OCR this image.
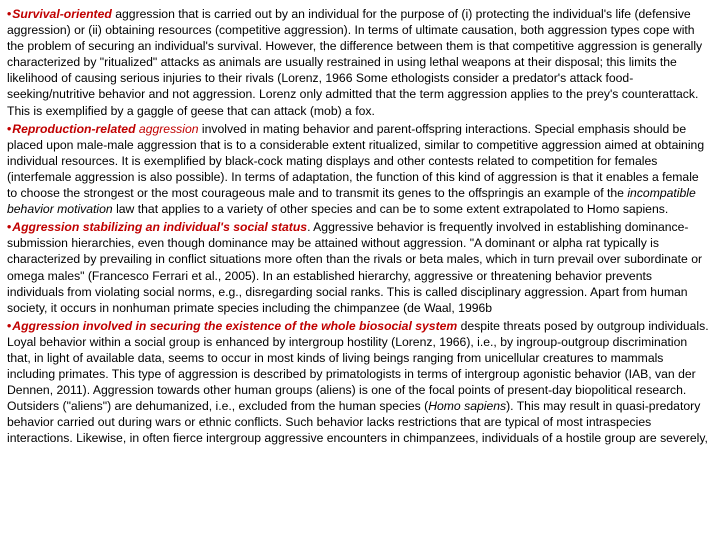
•Survival-oriented aggression that is carried out by an individual for the purpose of (i) protecting the individual's life (defensive aggression) or (ii) obtaining resources (competitive aggression). In terms of ultimate causation, both aggression types cope with the problem of securing an individual's survival. However, the difference between them is that competitive aggression is generally characterized by "ritualized" attacks as animals are usually restrained in using lethal weapons at their disposal; this limits the likelihood of causing serious injuries to their rivals (Lorenz, 1966 Some ethologists consider a predator's attack food-seeking/nutritive behavior and not aggression. Lorenz only admitted that the term aggression applies to the prey's counterattack. This is exemplified by a gaggle of geese that can attack (mob) a fox.

•Reproduction-related aggression involved in mating behavior and parent-offspring interactions. Special emphasis should be placed upon male-male aggression that is to a considerable extent ritualized, similar to competitive aggression aimed at obtaining individual resources. It is exemplified by black-cock mating displays and other contests related to competition for females (interfemale aggression is also possible). In terms of adaptation, the function of this kind of aggression is that it enables a female to choose the strongest or the most courageous male and to transmit its genes to the offspringis an example of the incompatible behavior motivation law that applies to a variety of other species and can be to some extent extrapolated to Homo sapiens.

•Aggression stabilizing an individual's social status. Aggressive behavior is frequently involved in establishing dominance-submission hierarchies, even though dominance may be attained without aggression. "A dominant or alpha rat typically is characterized by prevailing in conflict situations more often than the rivals or beta males, which in turn prevail over subordinate or omega males" (Francesco Ferrari et al., 2005). In an established hierarchy, aggressive or threatening behavior prevents individuals from violating social norms, e.g., disregarding social ranks. This is called disciplinary aggression. Apart from human society, it occurs in nonhuman primate species including the chimpanzee (de Waal, 1996b

•Aggression involved in securing the existence of the whole biosocial system despite threats posed by outgroup individuals. Loyal behavior within a social group is enhanced by intergroup hostility (Lorenz, 1966), i.e., by ingroup-outgroup discrimination that, in light of available data, seems to occur in most kinds of living beings ranging from unicellular creatures to mammals including primates. This type of aggression is described by primatologists in terms of intergroup agonistic behavior (IAB, van der Dennen, 2011). Aggression towards other human groups (aliens) is one of the focal points of present-day biopolitical research. Outsiders ("aliens") are dehumanized, i.e., excluded from the human species (Homo sapiens). This may result in quasi-predatory behavior carried out during wars or ethnic conflicts. Such behavior lacks restrictions that are typical of most intraspecies interactions. Likewise, in often fierce intergroup aggressive encounters in chimpanzees, individuals of a hostile group are severely,
